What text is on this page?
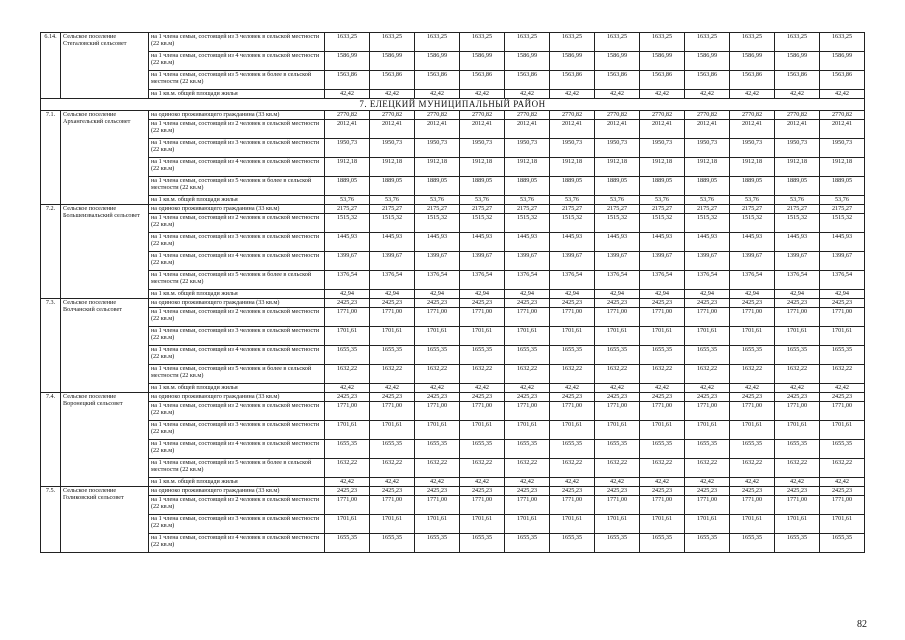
6.14.	Сельское поселение Стегаловский сельсовет	на 1 члена семьи, состоящей из 3 человек в сельской местности (22 кв.м)	1633,25	1633,25	1633,25	1633,25	1633,25	1633,25	1633,25	1633,25	1633,25	1633,25	1633,25	1633,25
		на 1 члена семьи, состоящей из 4 человек в сельской местности (22 кв.м)	1586,99	1586,99	1586,99	1586,99	1586,99	1586,99	1586,99	1586,99	1586,99	1586,99	1586,99	1586,99
		на 1 члена семьи, состоящей из 5 человек и более в сельской местности (22 кв.м)	1563,86	1563,86	1563,86	1563,86	1563,86	1563,86	1563,86	1563,86	1563,86	1563,86	1563,86	1563,86
		на 1 кв.м. общей площади жилья	42,42	42,42	42,42	42,42	42,42	42,42	42,42	42,42	42,42	42,42	42,42	42,42
7. ЕЛЕЦКИЙ МУНИЦИПАЛЬНЫЙ РАЙОН														
7.1.	Сельское поселение Архангельский сельсовет	на одиноко проживающего гражданина (33 кв.м)	2770,82	2770,82	2770,82	2770,82	2770,82	2770,82	2770,82	2770,82	2770,82	2770,82	2770,82	2770,82
		на 1 члена семьи, состоящей из 2 человек в сельской местности (22 кв.м)	2012,41	2012,41	2012,41	2012,41	2012,41	2012,41	2012,41	2012,41	2012,41	2012,41	2012,41	2012,41
		на 1 члена семьи, состоящей из 3 человек в сельской местности (22 кв.м)	1950,73	1950,73	1950,73	1950,73	1950,73	1950,73	1950,73	1950,73	1950,73	1950,73	1950,73	1950,73
		на 1 члена семьи, состоящей из 4 человек в сельской местности (22 кв.м)	1912,18	1912,18	1912,18	1912,18	1912,18	1912,18	1912,18	1912,18	1912,18	1912,18	1912,18	1912,18
		на 1 члена семьи, состоящей из 5 человек и более в сельской местности (22 кв.м)	1889,05	1889,05	1889,05	1889,05	1889,05	1889,05	1889,05	1889,05	1889,05	1889,05	1889,05	1889,05
		на 1 кв.м. общей площади жилья	53,76	53,76	53,76	53,76	53,76	53,76	53,76	53,76	53,76	53,76	53,76	53,76
7.2.	Сельское поселение Большеизвальский сельсовет	на одиноко проживающего гражданина (33 кв.м)	2175,27	2175,27	2175,27	2175,27	2175,27	2175,27	2175,27	2175,27	2175,27	2175,27	2175,27	2175,27
		на 1 члена семьи, состоящей из 2 человек в сельской местности (22 кв.м)	1515,32	1515,32	1515,32	1515,32	1515,32	1515,32	1515,32	1515,32	1515,32	1515,32	1515,32	1515,32
		на 1 члена семьи, состоящей из 3 человек в сельской местности (22 кв.м)	1445,93	1445,93	1445,93	1445,93	1445,93	1445,93	1445,93	1445,93	1445,93	1445,93	1445,93	1445,93
		на 1 члена семьи, состоящей из 4 человек в сельской местности (22 кв.м)	1399,67	1399,67	1399,67	1399,67	1399,67	1399,67	1399,67	1399,67	1399,67	1399,67	1399,67	1399,67
		на 1 члена семьи, состоящей из 5 человек и более в сельской местности (22 кв.м)	1376,54	1376,54	1376,54	1376,54	1376,54	1376,54	1376,54	1376,54	1376,54	1376,54	1376,54	1376,54
		на 1 кв.м. общей площади жилья	42,94	42,94	42,94	42,94	42,94	42,94	42,94	42,94	42,94	42,94	42,94	42,94
7.3.	Сельское поселение Волчанский сельсовет	на одиноко проживающего гражданина (33 кв.м)	2425,23	2425,23	2425,23	2425,23	2425,23	2425,23	2425,23	2425,23	2425,23	2425,23	2425,23	2425,23
		на 1 члена семьи, состоящей из 2 человек в сельской местности (22 кв.м)	1771,00	1771,00	1771,00	1771,00	1771,00	1771,00	1771,00	1771,00	1771,00	1771,00	1771,00	1771,00
		на 1 члена семьи, состоящей из 3 человек в сельской местности (22 кв.м)	1701,61	1701,61	1701,61	1701,61	1701,61	1701,61	1701,61	1701,61	1701,61	1701,61	1701,61	1701,61
		на 1 члена семьи, состоящей из 4 человек в сельской местности (22 кв.м)	1655,35	1655,35	1655,35	1655,35	1655,35	1655,35	1655,35	1655,35	1655,35	1655,35	1655,35	1655,35
		на 1 члена семьи, состоящей из 5 человек и более в сельской местности (22 кв.м)	1632,22	1632,22	1632,22	1632,22	1632,22	1632,22	1632,22	1632,22	1632,22	1632,22	1632,22	1632,22
		на 1 кв.м. общей площади жилья	42,42	42,42	42,42	42,42	42,42	42,42	42,42	42,42	42,42	42,42	42,42	42,42
7.4.	Сельское поселение Воронецкий сельсовет	на одиноко проживающего гражданина (33 кв.м)	2425,23	2425,23	2425,23	2425,23	2425,23	2425,23	2425,23	2425,23	2425,23	2425,23	2425,23	2425,23
		на 1 члена семьи, состоящей из 2 человек в сельской местности (22 кв.м)	1771,00	1771,00	1771,00	1771,00	1771,00	1771,00	1771,00	1771,00	1771,00	1771,00	1771,00	1771,00
		на 1 члена семьи, состоящей из 3 человек в сельской местности (22 кв.м)	1701,61	1701,61	1701,61	1701,61	1701,61	1701,61	1701,61	1701,61	1701,61	1701,61	1701,61	1701,61
		на 1 члена семьи, состоящей из 4 человек в сельской местности (22 кв.м)	1655,35	1655,35	1655,35	1655,35	1655,35	1655,35	1655,35	1655,35	1655,35	1655,35	1655,35	1655,35
		на 1 члена семьи, состоящей из 5 человек и более в сельской местности (22 кв.м)	1632,22	1632,22	1632,22	1632,22	1632,22	1632,22	1632,22	1632,22	1632,22	1632,22	1632,22	1632,22
		на 1 кв.м. общей площади жилья	42,42	42,42	42,42	42,42	42,42	42,42	42,42	42,42	42,42	42,42	42,42	42,42
7.5.	Сельское поселение Голиковский сельсовет	на одиноко проживающего гражданина (33 кв.м)	2425,23	2425,23	2425,23	2425,23	2425,23	2425,23	2425,23	2425,23	2425,23	2425,23	2425,23	2425,23
		на 1 члена семьи, состоящей из 2 человек в сельской местности (22 кв.м)	1771,00	1771,00	1771,00	1771,00	1771,00	1771,00	1771,00	1771,00	1771,00	1771,00	1771,00	1771,00
		на 1 члена семьи, состоящей из 3 человек в сельской местности (22 кв.м)	1701,61	1701,61	1701,61	1701,61	1701,61	1701,61	1701,61	1701,61	1701,61	1701,61	1701,61	1701,61
		на 1 члена семьи, состоящей из 4 человек в сельской местности (22 кв.м)	1655,35	1655,35	1655,35	1655,35	1655,35	1655,35	1655,35	1655,35	1655,35	1655,35	1655,35	1655,35
82
